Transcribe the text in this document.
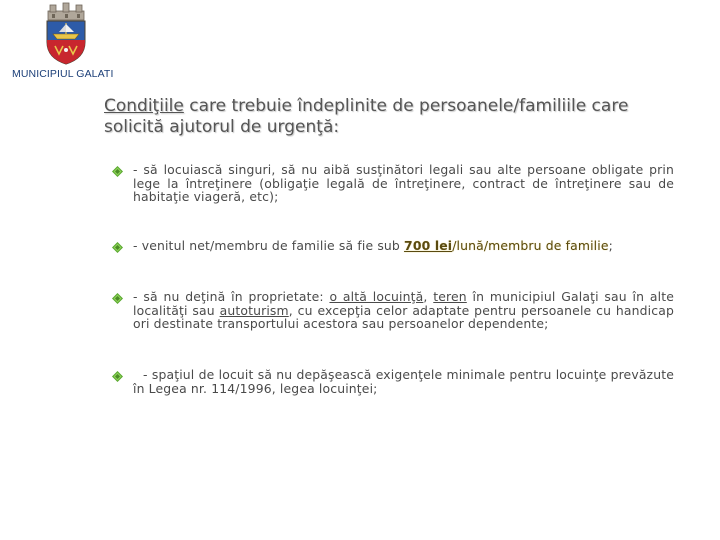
MUNICIPIUL GALATI
Condiţiile care trebuie îndeplinite de persoanele/familiile care solicită ajutorul de urgenţă:
- să locuiască singuri, să nu aibă susţinători legali sau alte persoane obligate prin lege la întreţinere (obligaţie legală de întreţinere, contract de întreţinere sau de habitaţie viageră, etc);
- venitul net/membru de familie să fie sub 700 lei/lună/membru de familie;
- să nu deţină în proprietate: o altă locuinţă, teren în municipiul Galaţi sau în alte localităţi sau autoturism, cu excepţia celor adaptate pentru persoanele cu handicap ori destinate transportului acestora sau persoanelor dependente;
- spaţiul de locuit să nu depăşească exigenţele minimale pentru locuinţe prevăzute în Legea nr. 114/1996, legea locuinţei;
